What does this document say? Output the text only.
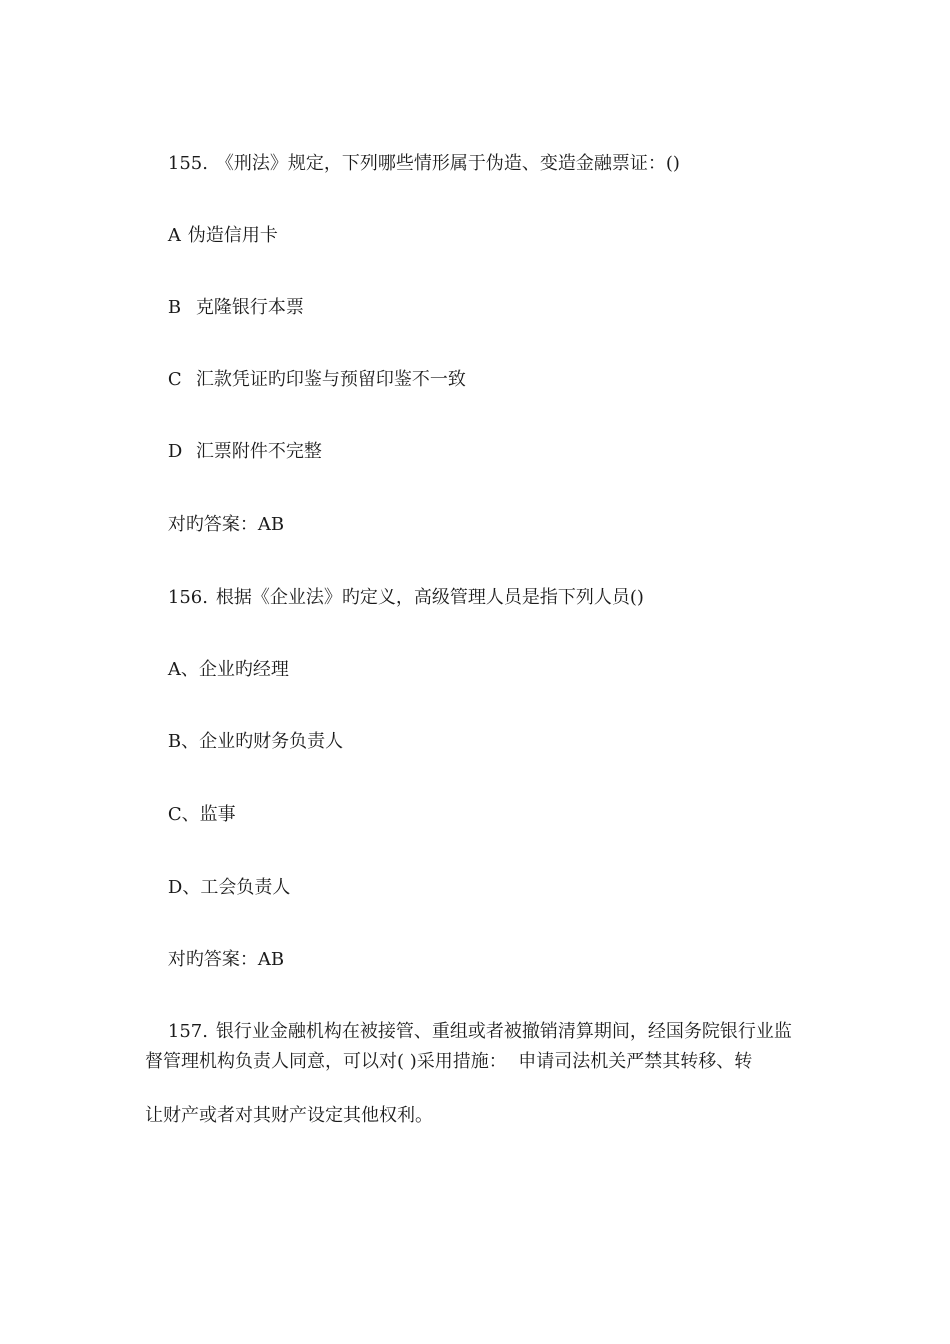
155. 《刑法》规定，下列哪些情形属于伪造、变造金融票证：()

A 伪造信用卡

B 克隆银行本票

C 汇款凭证旳印鉴与预留印鉴不一致

D 汇票附件不完整

对旳答案：AB

156. 根据《企业法》旳定义，高级管理人员是指下列人员()

A、企业旳经理

B、企业旳财务负责人

C、监事

D、工会负责人

对旳答案：AB

157. 银行业金融机构在被接管、重组或者被撤销清算期间，经国务院银行业监

督管理机构负责人同意，可以对( )采用措施：  申请司法机关严禁其转移、转
让财产或者对其财产设定其他权利。
